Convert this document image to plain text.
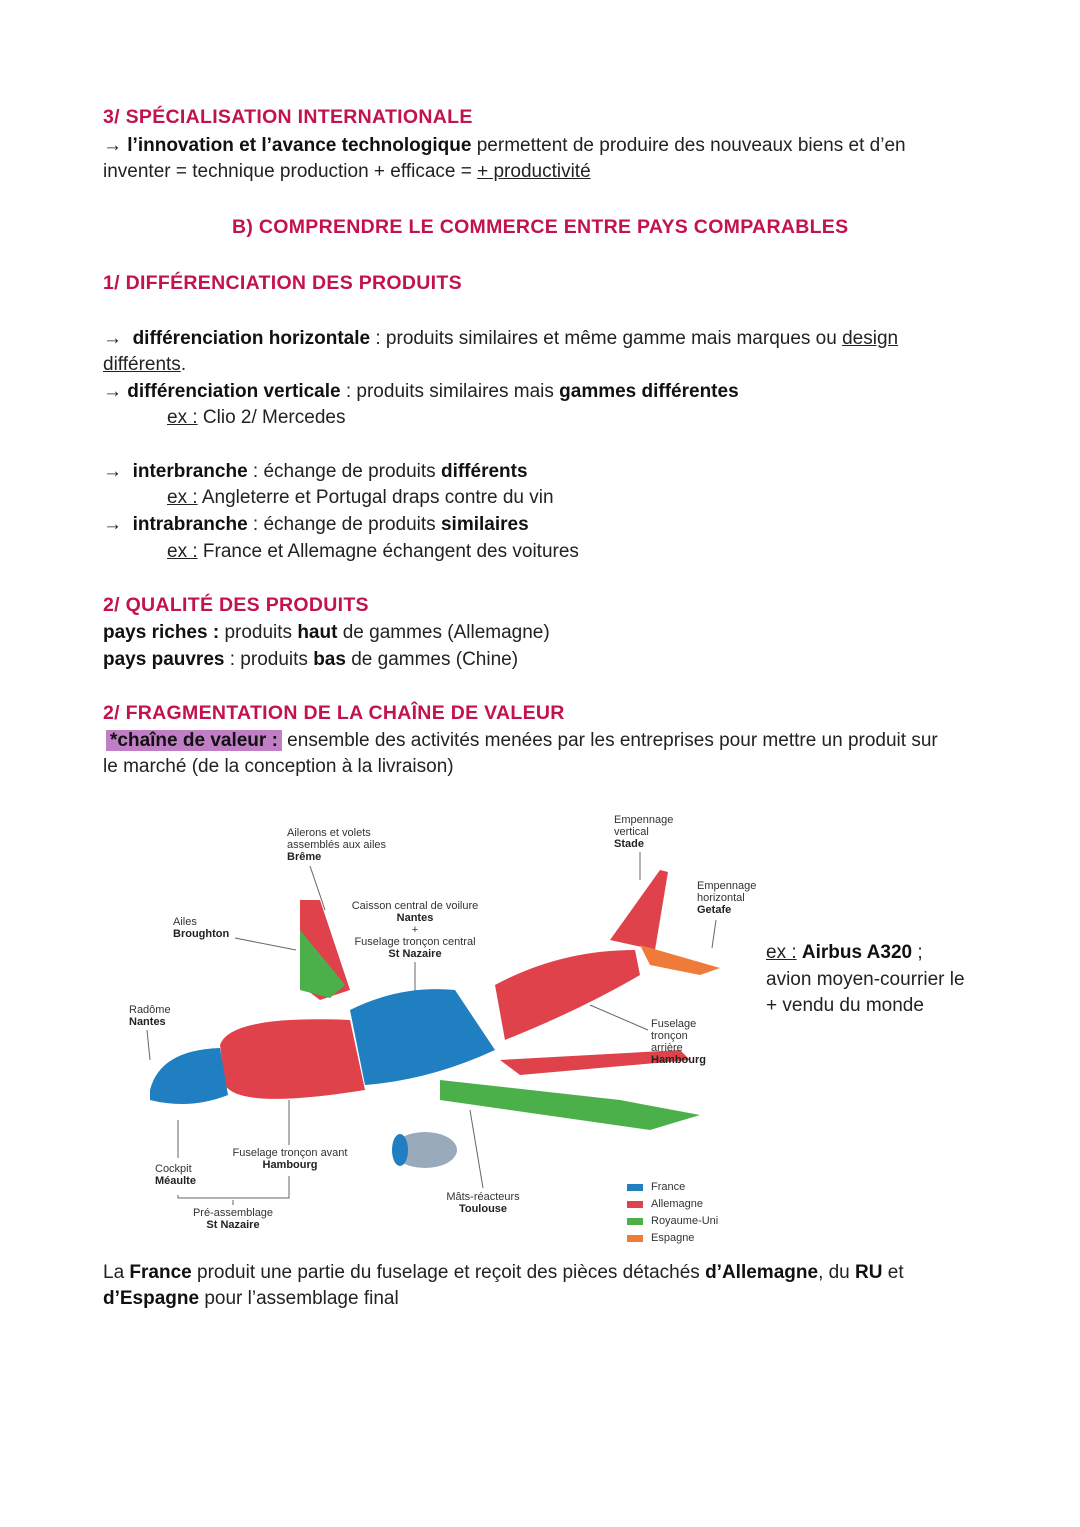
3/ SPÉCIALISATION INTERNATIONALE
→ l’innovation et l’avance technologique permettent de produire des nouveaux biens et d’en
inventer = technique production + efficace = + productivité
B) COMPRENDRE LE COMMERCE ENTRE PAYS COMPARABLES
1/ DIFFÉRENCIATION DES PRODUITS
→ différenciation horizontale : produits similaires et même gamme mais marques ou design
différents.
→ différenciation verticale : produits similaires mais gammes différentes
ex : Clio 2/ Mercedes
→ interbranche : échange de produits différents
ex : Angleterre et Portugal draps contre du vin
→ intrabranche : échange de produits similaires
ex : France et Allemagne échangent des voitures
2/ QUALITÉ DES PRODUITS
pays riches : produits haut de gammes (Allemagne)
pays pauvres : produits bas de gammes (Chine)
2/ FRAGMENTATION DE LA CHAÎNE DE VALEUR
*chaîne de valeur : ensemble des activités menées par les entreprises pour mettre un produit sur
le marché (de la conception à la livraison)
Ailerons et volets
assemblés aux ailes
Brême
Empennage
vertical
Stade
Empennage
horizontal
Getafe
Caisson central de voilure
Nantes
+
Fuselage tronçon central
St Nazaire
Ailes
Broughton
Radôme
Nantes	Fuselage
tronçon
arrière
Hambourg
Fuselage tronçon avant
Hambourg
Cockpit
Méaulte
Pré-assemblage
St Nazaire
Mâts-réacteurs
Toulouse
France
Allemagne
Royaume-Uni
Espagne
ex : Airbus A320 ;
avion moyen-courrier le
+ vendu du monde
La France produit une partie du fuselage et reçoit des pièces détachés d’Allemagne, du RU et
d’Espagne pour l’assemblage final
